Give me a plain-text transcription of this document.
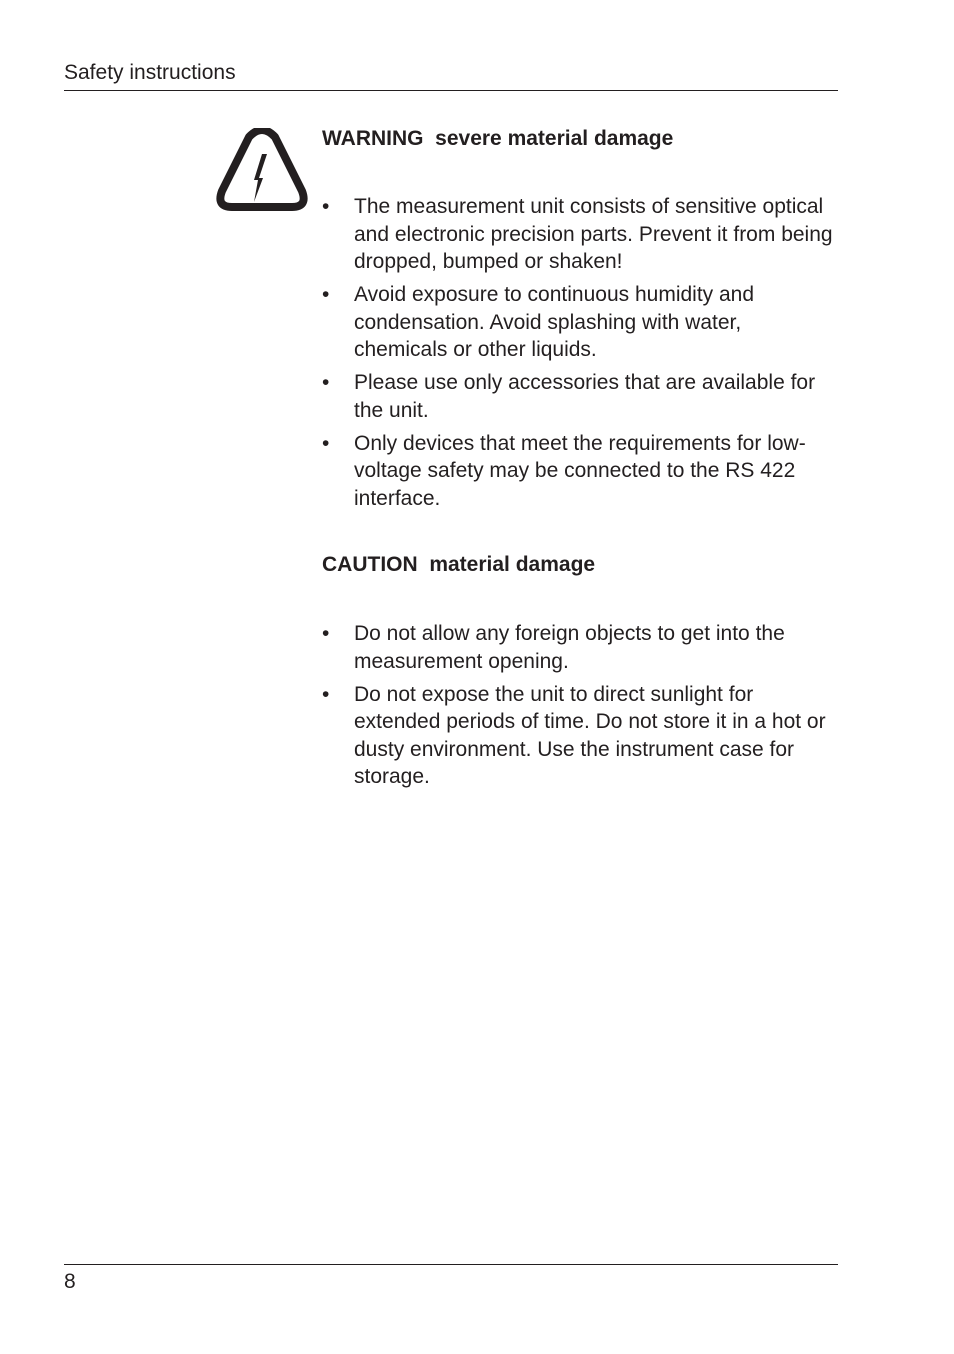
Safety instructions
WARNING  severe material damage
• The measurement unit consists of sensitive optical and electronic precision parts. Prevent it from being dropped, bumped or shaken!
• Avoid exposure to continuous humidity and condensation. Avoid splashing with water, chemicals or other liquids.
• Please use only accessories that are available for the unit.
• Only devices that meet the requirements for low-voltage safety may be connected to the RS 422 interface.
CAUTION  material damage
• Do not allow any foreign objects to get into the measurement opening.
• Do not expose the unit to direct sunlight for extended periods of time. Do not store it in a hot or dusty environment. Use the instrument case for storage.
8
